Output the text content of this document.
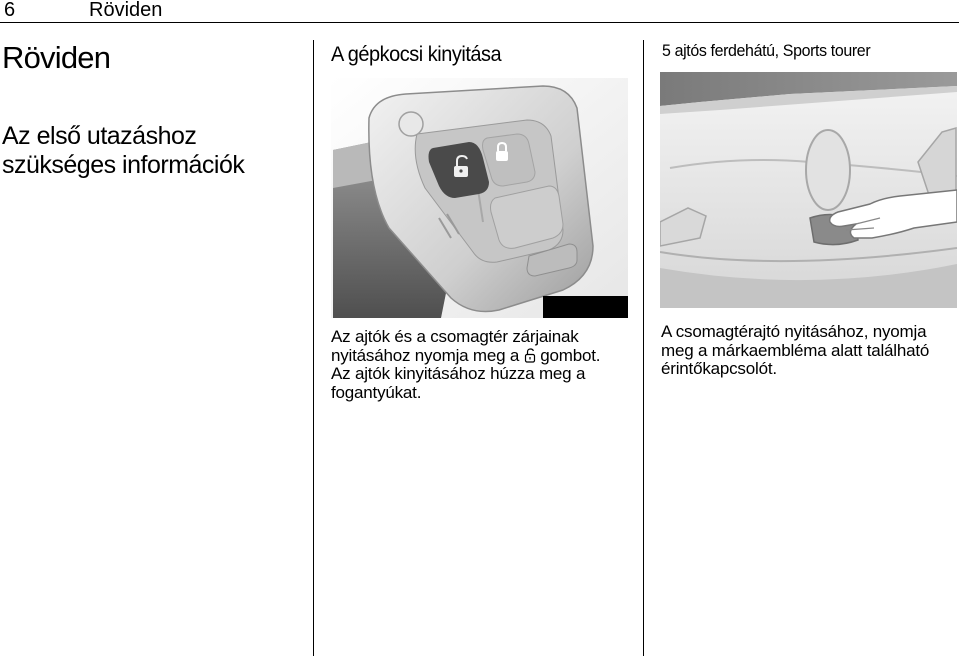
6	Röviden
Röviden
Az első utazáshoz
szükséges információk
A gépkocsi kinyitása	5 ajtós ferdehátú, Sports tourer
Az ajtók és a csomagtér zárjainak
nyitásához nyomja meg a gombot.
Az ajtók kinyitásához húzza meg a
fogantyúkat.
A csomagtérajtó nyitásához, nyomja
meg a márkaembléma alatt található
érintőkapcsolót.
